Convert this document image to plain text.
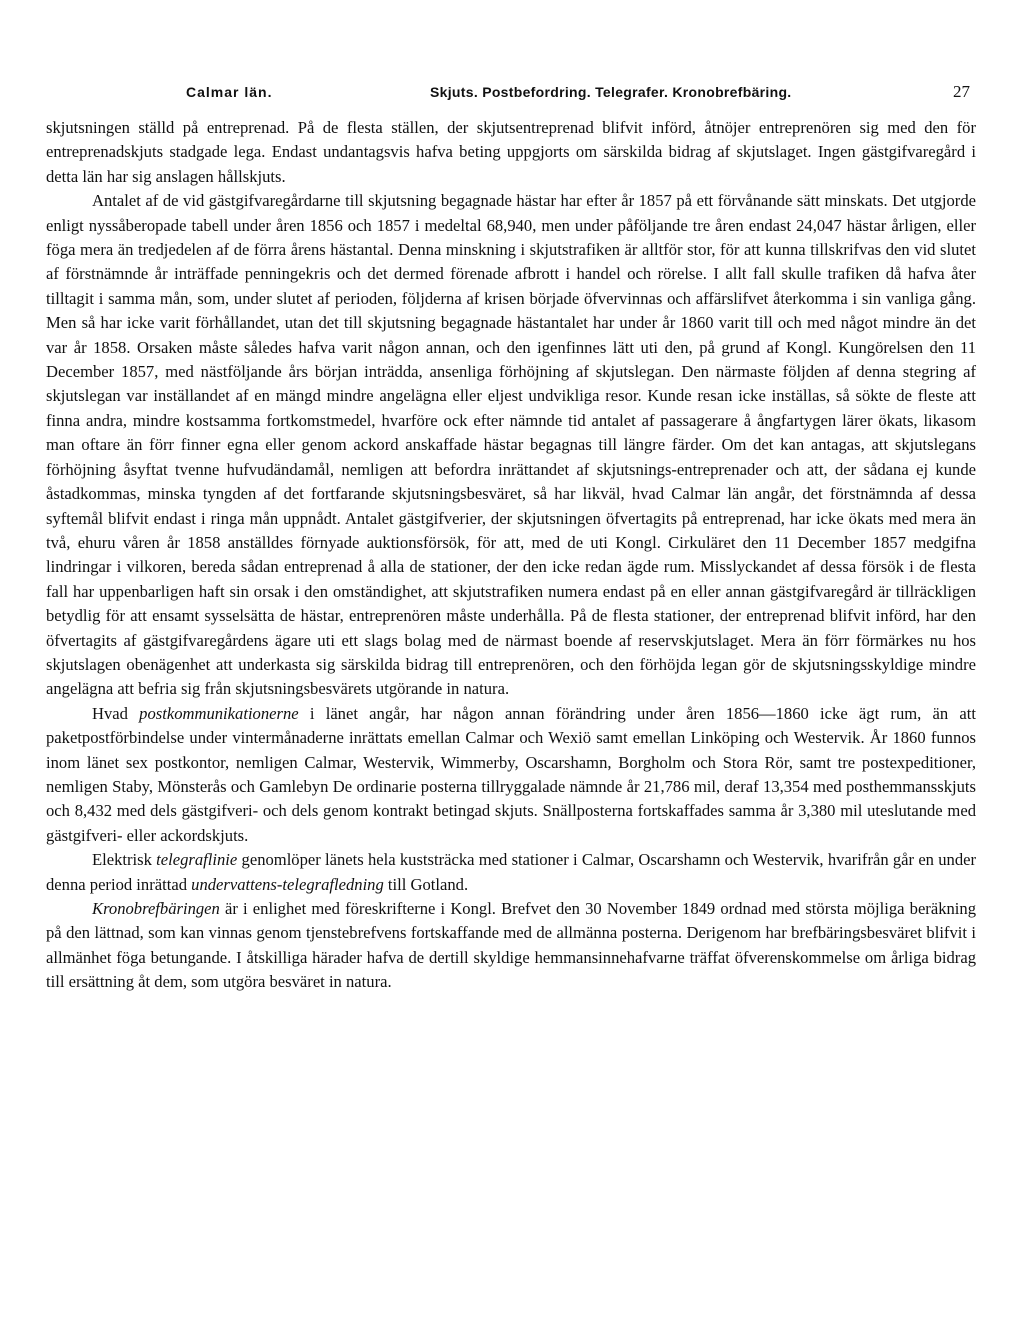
Calmar län.	Skjuts. Postbefordring. Telegrafer. Kronobrefbäring.	27

skjutsningen ställd på entreprenad. På de flesta ställen, der skjutsentreprenad blifvit införd, åtnöjer entreprenören sig med den för entreprenadskjuts stadgade lega. Endast undantagsvis hafva beting uppgjorts om särskilda bidrag af skjutslaget. Ingen gästgifvaregård i detta län har sig anslagen hållskjuts.

Antalet af de vid gästgifvaregårdarne till skjutsning begagnade hästar har efter år 1857 på ett förvånande sätt minskats. Det utgjorde enligt nyssåberopade tabell under åren 1856 och 1857 i medeltal 68,940, men under påföljande tre åren endast 24,047 hästar årligen, eller föga mera än tredjedelen af de förra årens hästantal. Denna minskning i skjutstrafiken är alltför stor, för att kunna tillskrifvas den vid slutet af förstnämnde år inträffade penningekris och det dermed förenade afbrott i handel och rörelse. I allt fall skulle trafiken då hafva åter tilltagit i samma mån, som, under slutet af perioden, följderna af krisen började öfvervinnas och affärslifvet återkomma i sin vanliga gång. Men så har icke varit förhållandet, utan det till skjutsning begagnade hästantalet har under år 1860 varit till och med något mindre än det var år 1858. Orsaken måste således hafva varit någon annan, och den igenfinnes lätt uti den, på grund af Kongl. Kungörelsen den 11 December 1857, med nästföljande års början inträdda, ansenliga förhöjning af skjutslegan. Den närmaste följden af denna stegring af skjutslegan var inställandet af en mängd mindre angelägna eller eljest undvikliga resor. Kunde resan icke inställas, så sökte de fleste att finna andra, mindre kostsamma fortkomstmedel, hvarföre ock efter nämnde tid antalet af passagerare å ångfartygen lärer ökats, likasom man oftare än förr finner egna eller genom ackord anskaffade hästar begagnas till längre färder. Om det kan antagas, att skjutslegans förhöjning åsyftat tvenne hufvudändamål, nemligen att befordra inrättandet af skjutsnings-entreprenader och att, der sådana ej kunde åstadkommas, minska tyngden af det fortfarande skjutsningsbesväret, så har likväl, hvad Calmar län angår, det förstnämnda af dessa syftemål blifvit endast i ringa mån uppnådt. Antalet gästgifverier, der skjutsningen öfvertagits på entreprenad, har icke ökats med mera än två, ehuru våren år 1858 anställdes förnyade auktionsförsök, för att, med de uti Kongl. Cirkuläret den 11 December 1857 medgifna lindringar i vilkoren, bereda sådan entreprenad å alla de stationer, der den icke redan ägde rum. Misslyckandet af dessa försök i de flesta fall har uppenbarligen haft sin orsak i den omständighet, att skjutstrafiken numera endast på en eller annan gästgifvaregård är tillräckligen betydlig för att ensamt sysselsätta de hästar, entreprenören måste underhålla. På de flesta stationer, der entreprenad blifvit införd, har den öfvertagits af gästgifvaregårdens ägare uti ett slags bolag med de närmast boende af reservskjutslaget. Mera än förr förmärkes nu hos skjutslagen obenägenhet att underkasta sig särskilda bidrag till entreprenören, och den förhöjda legan gör de skjutsningsskyldige mindre angelägna att befria sig från skjutsningsbesvärets utgörande in natura.

Hvad postkommunikationerne i länet angår, har någon annan förändring under åren 1856—1860 icke ägt rum, än att paketpostförbindelse under vintermånaderne inrättats emellan Calmar och Wexiö samt emellan Linköping och Westervik. År 1860 funnos inom länet sex postkontor, nemligen Calmar, Westervik, Wimmerby, Oscarshamn, Borgholm och Stora Rör, samt tre postexpeditioner, nemligen Staby, Mönsterås och Gamlebyn De ordinarie posterna tillryggalade nämnde år 21,786 mil, deraf 13,354 med posthemmansskjuts och 8,432 med dels gästgifveri- och dels genom kontrakt betingad skjuts. Snällposterna fortskaffades samma år 3,380 mil uteslutande med gästgifveri- eller ackordskjuts.

Elektrisk telegraflinie genomlöper länets hela kuststräcka med stationer i Calmar, Oscarshamn och Westervik, hvarifrån går en under denna period inrättad undervattens-telegrafledning till Gotland.

Kronobrefbäringen är i enlighet med föreskrifterne i Kongl. Brefvet den 30 November 1849 ordnad med största möjliga beräkning på den lättnad, som kan vinnas genom tjenstebrefvens fortskaffande med de allmänna posterna. Derigenom har brefbäringsbesväret blifvit i allmänhet föga betungande. I åtskilliga härader hafva de dertill skyldige hemmansinnehafvarne träffat öfverenskommelse om årliga bidrag till ersättning åt dem, som utgöra besväret in natura.
